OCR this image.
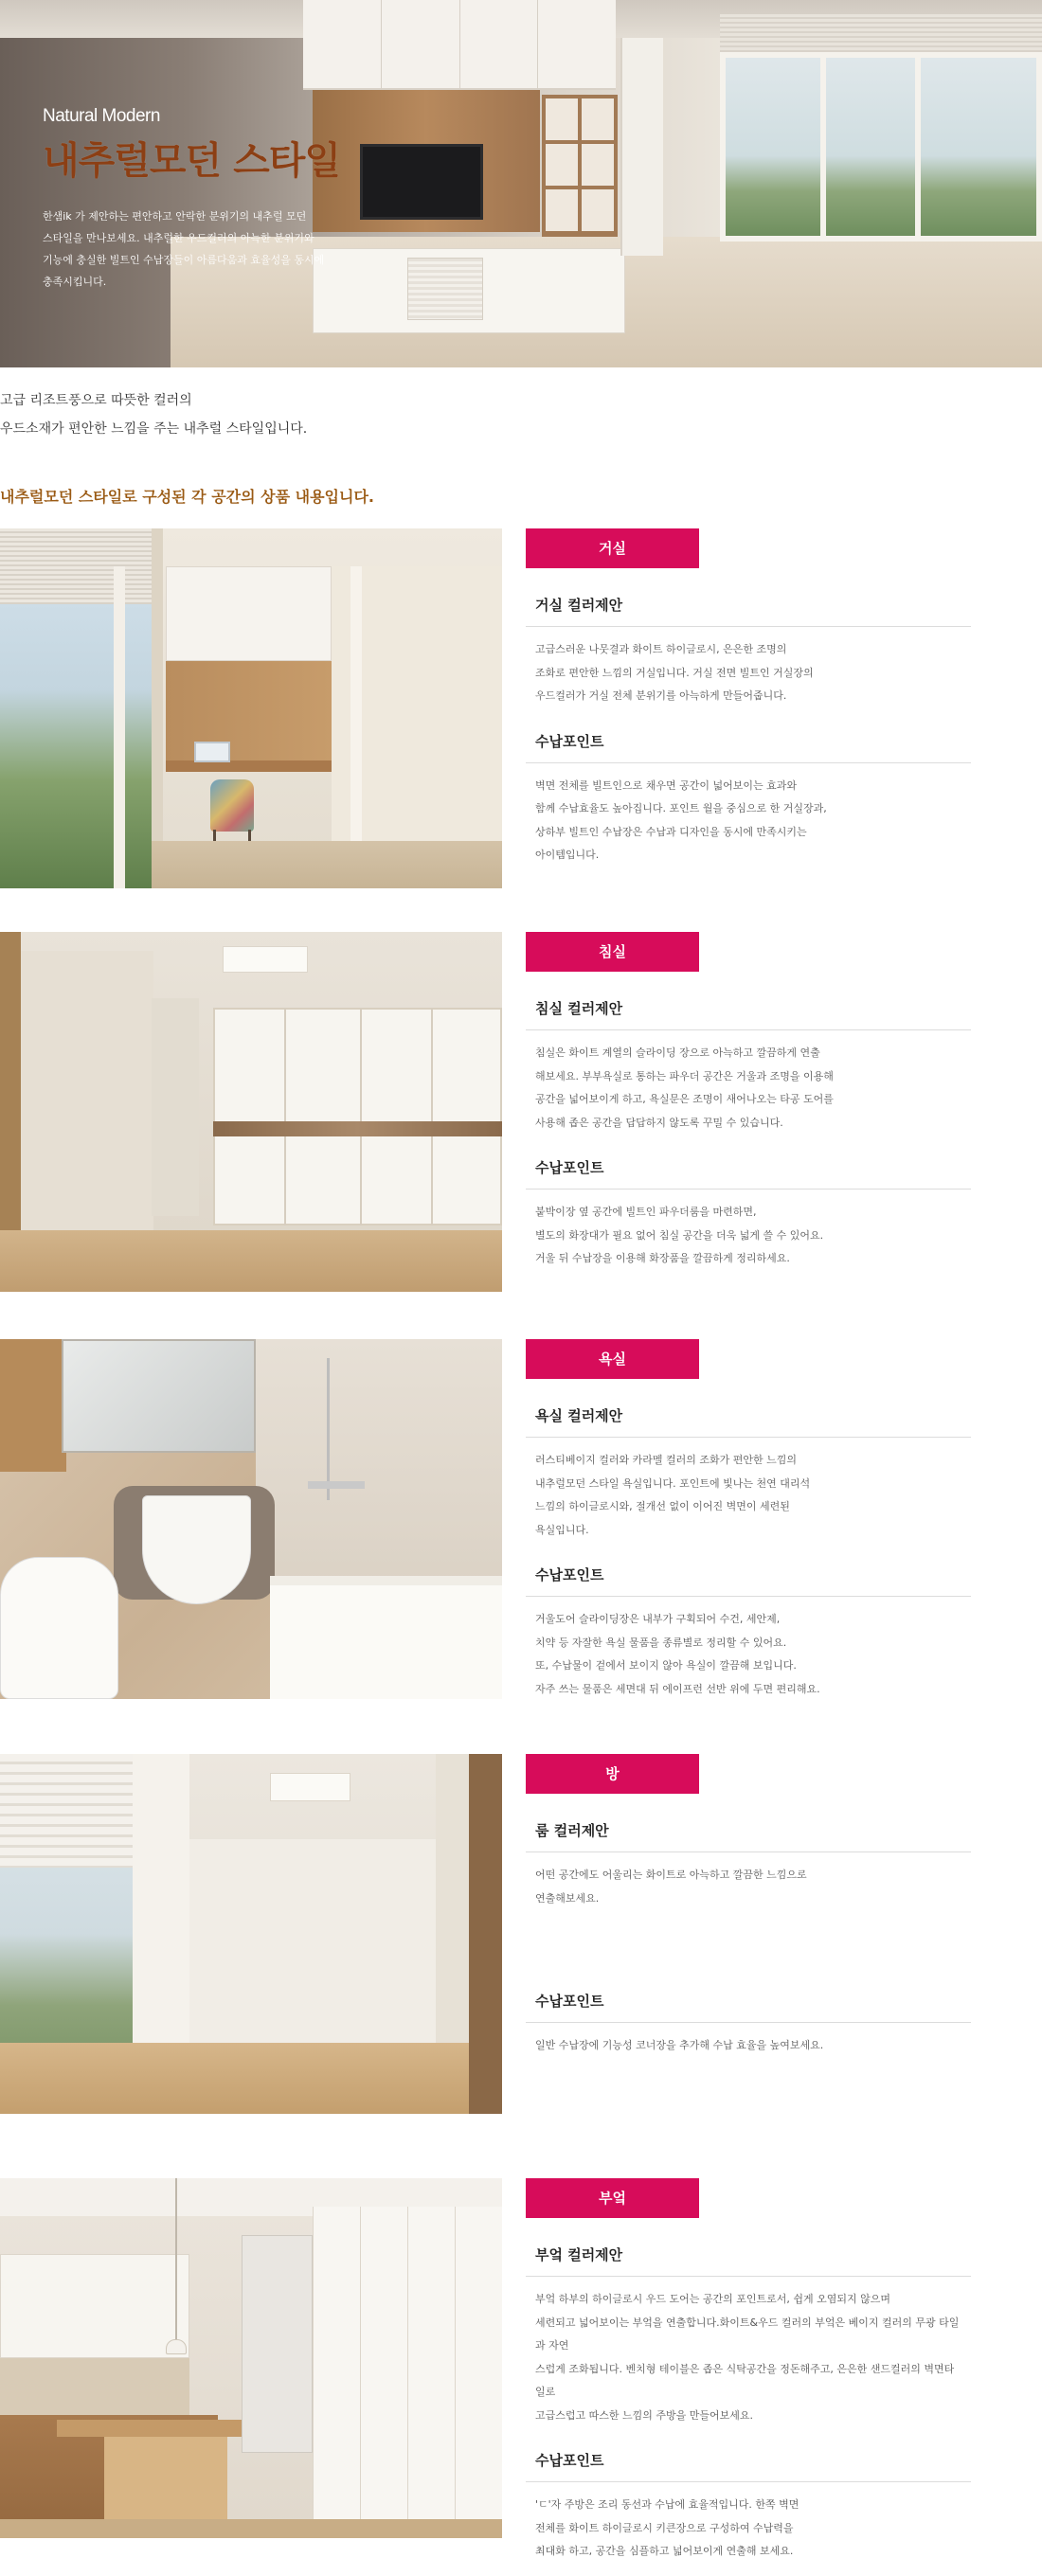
Natural Modern
내추럴모던 스타일
한샘ik 가 제안하는 편안하고 안락한 분위기의 내추럴 모던
스타일을 만나보세요. 내추럴한 우드컬러의 아늑한 분위기와
기능에 충실한 빌트인 수납장들이 아름다움과 효율성을 동시에
충족시킵니다.

고급 리조트풍으로 따뜻한 컬러의

우드소재가 편안한 느낌을 주는 내추럴 스타일입니다.

내추럴모던 스타일로 구성된 각 공간의 상품 내용입니다.
거실
거실 컬러제안
고급스러운 나뭇결과 화이트 하이글로시, 은은한 조명의
조화로 편안한 느낌의 거실입니다. 거실 전면 빌트인 거실장의
우드컬러가 거실 전체 분위기를 아늑하게 만들어줍니다.
수납포인트
벽면 전체를 빌트인으로 채우면 공간이 넓어보이는 효과와
함께 수납효율도 높아집니다. 포인트 월을 중심으로 한 거실장과,
상하부 빌트인 수납장은 수납과 디자인을 동시에 만족시키는
아이템입니다.
침실
침실 컬러제안
침실은 화이트 계열의 슬라이딩 장으로 아늑하고 깔끔하게 연출
해보세요. 부부욕실로 통하는 파우더 공간은 거울과 조명을 이용해
공간을 넓어보이게 하고, 욕실문은 조명이 새어나오는 타공 도어를
사용해 좁은 공간을 답답하지 않도록 꾸밀 수 있습니다.
수납포인트
붙박이장 옆 공간에 빌트인 파우더룸을 마련하면,
별도의 화장대가 필요 없어 침실 공간을 더욱 넓게 쓸 수 있어요.
거울 뒤 수납장을 이용해 화장품을 깔끔하게 정리하세요.
욕실
욕실 컬러제안
러스티베이지 컬러와 카라멜 컬러의 조화가 편안한 느낌의
내추럴모던 스타일 욕실입니다. 포인트에 빛나는 천연 대리석
느낌의 하이글로시와, 절개선 없이 이어진 벽면이 세련된
욕실입니다.
수납포인트
거울도어 슬라이딩장은 내부가 구획되어 수건, 세안제,
치약 등 자잘한 욕실 물품을 종류별로 정리할 수 있어요.
또, 수납물이 겉에서 보이지 않아 욕실이 깔끔해 보입니다.
자주 쓰는 물품은 세면대 뒤 에이프런 선반 위에 두면 편리해요.
방
룸 컬러제안
어떤 공간에도 어울리는 화이트로 아늑하고 깔끔한 느낌으로
연출해보세요.
수납포인트
일반 수납장에 기능성 코너장을 추가해 수납 효율을 높여보세요.
부엌
부엌 컬러제안
부엌 하부의 하이글로시 우드 도어는 공간의 포인트로서, 쉽게 오염되지 않으며
세련되고 넓어보이는 부엌을 연출합니다.화이트&우드 컬러의 부엌은 베이지 컬러의 무광 타일과 자연
스럽게 조화됩니다. 벤치형 테이블은 좁은 식탁공간을 정돈해주고, 은은한 샌드컬러의 벽면타일로
고급스럽고 따스한 느낌의 주방을 만들어보세요.
수납포인트
'ㄷ'자 주방은 조리 동선과 수납에 효율적입니다. 한쪽 벽면
전체를 화이트 하이글로시 키큰장으로 구성하여 수납력을
최대화 하고, 공간을 심플하고 넓어보이게 연출해 보세요.
